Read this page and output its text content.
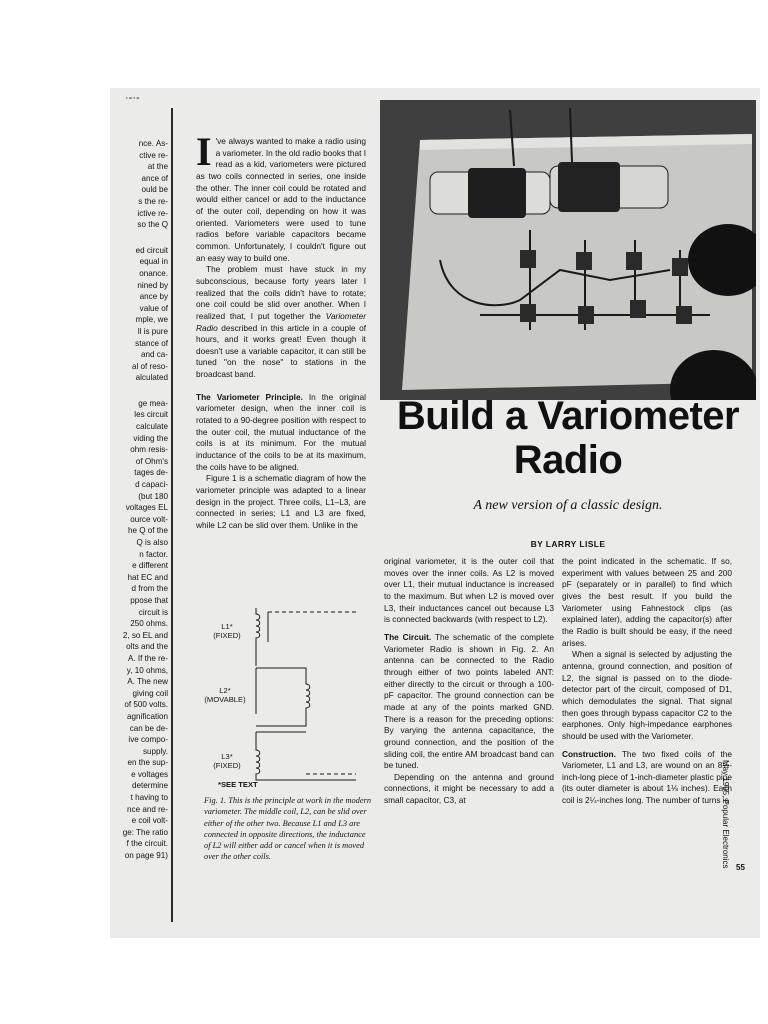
·-·‐
nce. As-
ctive re-
at the
ance of
ould be
s the re-
ictive re-
so the Q
ed circuit
equal in
onance.
nined by
ance by
value of
mple, we
ll is pure
stance of
and ca-
al of reso-
alculated
ge mea-
les circuit
calculate
viding the
ohm resis-
of Ohm's
tages de-
d capaci-
(but 180
voltages EL
ource volt-
he Q of the
Q is also
n factor.
e different
hat EC and
d from the
ppose that
circuit is
250 ohms.
2, so EL and
olts and the
A. If the re-
y, 10 ohms,
A. The new
giving coil
of 500 volts.
agnification
can be de-
ive compo-
supply.
en the sup-
e voltages
determine
t having to
nce and re-
e coil volt-
ge: The ratio
f the circuit.
on page 91)

I 've always wanted to make a radio using a variometer. In the old radio books that I read as a kid, variometers were pictured as two coils connected in series, one inside the other. The inner coil could be rotated and would either cancel or add to the inductance of the outer coil, depending on how it was oriented. Variometers were used to tune radios before variable capacitors became common. Unfortunately, I couldn't figure out an easy way to build one.

The problem must have stuck in my subconscious, because forty years later I realized that the coils didn't have to rotate; one coil could be slid over another. When I realized that, I put together the Variometer Radio described in this article in a couple of hours, and it works great! Even though it doesn't use a variable capacitor, it can still be tuned "on the nose" to stations in the broadcast band.

The Variometer Principle. In the original variometer design, when the inner coil is rotated to a 90-degree position with respect to the outer coil, the mutual inductance of the coils is at its minimum. For the mutual inductance of the coils to be at its maximum, the coils have to be aligned.

Figure 1 is a schematic diagram of how the variometer principle was adapted to a linear design in the project. Three coils, L1–L3, are connected in series; L1 and L3 are fixed, while L2 can be slid over them. Unlike in the

L1*
(FIXED)
L2*
(MOVABLE)
L3*
(FIXED)
*SEE TEXT
Fig. 1. This is the principle at work in the modern variometer. The middle coil, L2, can be slid over either of the other two. Because L1 and L3 are connected in opposite directions, the inductance of L2 will either add or cancel when it is moved over the other coils.
Build a Variometer Radio
A new version of a classic design.
BY LARRY LISLE

original variometer, it is the outer coil that moves over the inner coils. As L2 is moved over L1, their mutual inductance is increased to the maximum. But when L2 is moved over L3, their inductances cancel out because L3 is connected backwards (with respect to L2).

The Circuit. The schematic of the complete Variometer Radio is shown in Fig. 2. An antenna can be connected to the Radio through either of two points labeled ANT: either directly to the circuit or through a 100-pF capacitor. The ground connection can be made at any of the points marked GND. There is a reason for the preceding options: By varying the antenna capacitance, the ground connection, and the position of the sliding coil, the entire AM broadcast band can be tuned.

Depending on the antenna and ground connections, it might be necessary to add a small capacitor, C3, at

the point indicated in the schematic. If so, experiment with values between 25 and 200 pF (separately or in parallel) to find which gives the best result. If you build the Variometer using Fahnestock clips (as explained later), adding the capacitor(s) after the Radio is built should be easy, if the need arises.

When a signal is selected by adjusting the antenna, ground connection, and position of L2, the signal is passed on to the diode-detector part of the circuit, composed of D1, which demodulates the signal. That signal then goes through bypass capacitor C2 to the earphones. Only high-impedance earphones should be used with the Variometer.

Construction. The two fixed coils of the Variometer, L1 and L3, are wound on an 8½-inch-long piece of 1-inch-diameter plastic pipe (its outer diameter is about 1⅛ inches). Each coil is 2¼-inches long. The number of turns is

May 1995, Popular Electronics 55
